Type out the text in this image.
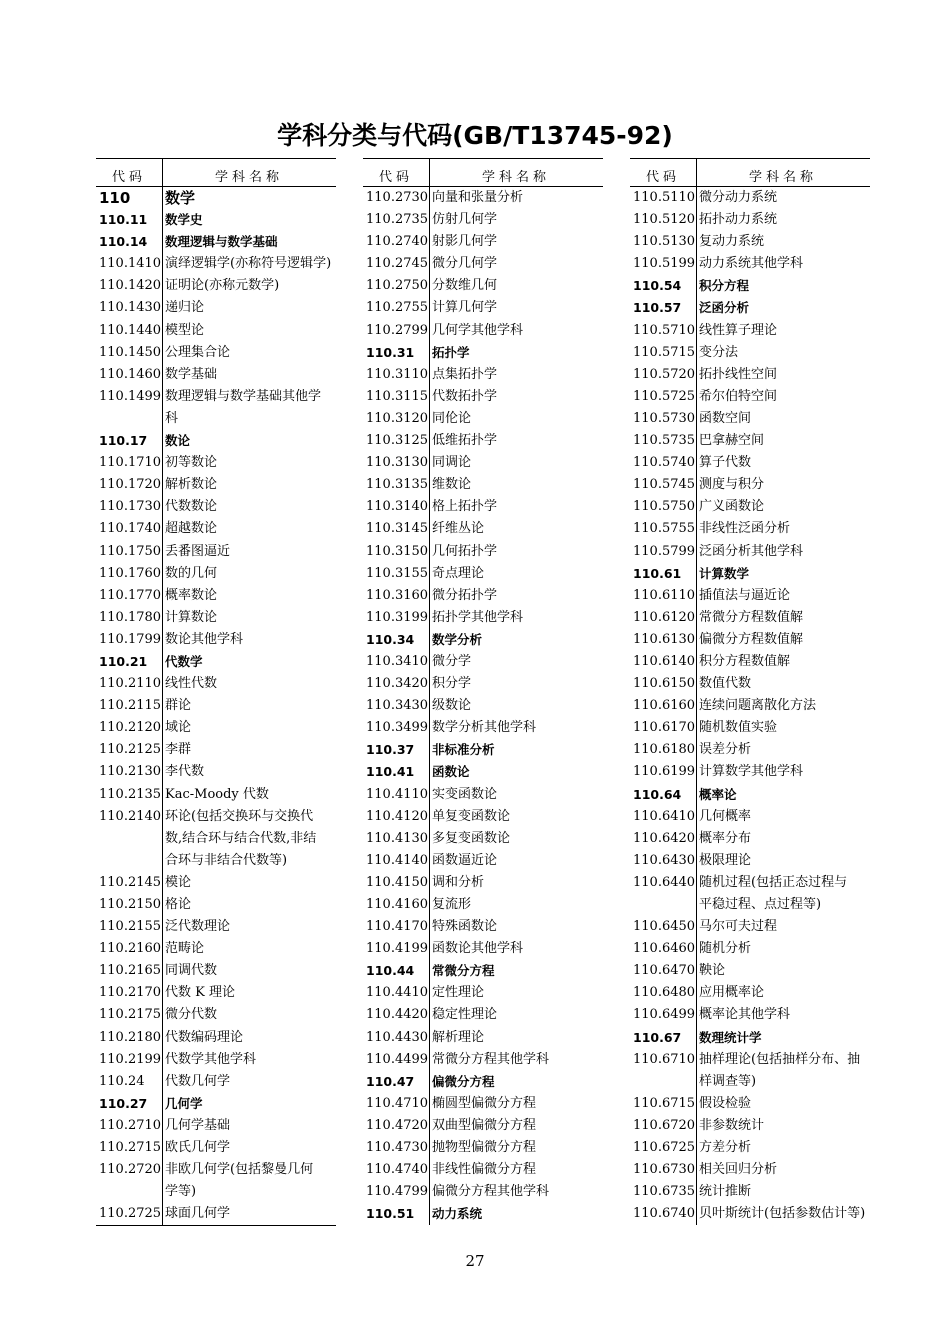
学科分类与代码(GB/T13745-92)
代码	学科名称
110	数学
110.11	数学史
110.14	数理逻辑与数学基础
110.1410 演绎逻辑学(亦称符号逻辑学)
110.1420 证明论(亦称元数学)
110.1430 递归论
110.1440 模型论
110.1450 公理集合论
110.1460 数学基础
110.1499 数理逻辑与数学基础其他学
科
110.17	数论
110.1710 初等数论
110.1720 解析数论
110.1730 代数数论
110.1740 超越数论
110.1750 丢番图逼近
110.1760 数的几何
110.1770 概率数论
110.1780 计算数论
110.1799 数论其他学科
110.21	代数学
110.2110 线性代数
110.2115 群论
110.2120 域论
110.2125 李群
110.2130 李代数
110.2135 Kac-Moody 代数
110.2140 环论(包括交换环与交换代
数,结合环与结合代数,非结
合环与非结合代数等)
110.2145 模论
110.2150 格论
110.2155 泛代数理论
110.2160 范畴论
110.2165 同调代数
110.2170 代数 K 理论
110.2175 微分代数
110.2180 代数编码理论
110.2199 代数学其他学科
110.24	代数几何学
110.27	几何学
110.2710 几何学基础
110.2715 欧氏几何学
110.2720 非欧几何学(包括黎曼几何
学等)
110.2725 球面几何学
代码	学科名称
110.2730 向量和张量分析
110.2735 仿射几何学
110.2740 射影几何学
110.2745 微分几何学
110.2750 分数维几何
110.2755 计算几何学
110.2799 几何学其他学科
110.31	拓扑学
110.3110 点集拓扑学
110.3115 代数拓扑学
110.3120 同伦论
110.3125 低维拓扑学
110.3130 同调论
110.3135 维数论
110.3140 格上拓扑学
110.3145 纤维丛论
110.3150 几何拓扑学
110.3155 奇点理论
110.3160 微分拓扑学
110.3199 拓扑学其他学科
110.34	数学分析
110.3410 微分学
110.3420 积分学
110.3430 级数论
110.3499 数学分析其他学科
110.37	非标准分析
110.41	函数论
110.4110 实变函数论
110.4120 单复变函数论
110.4130 多复变函数论
110.4140 函数逼近论
110.4150 调和分析
110.4160 复流形
110.4170 特殊函数论
110.4199 函数论其他学科
110.44	常微分方程
110.4410 定性理论
110.4420 稳定性理论
110.4430 解析理论
110.4499 常微分方程其他学科
110.47	偏微分方程
110.4710 椭圆型偏微分方程
110.4720 双曲型偏微分方程
110.4730 抛物型偏微分方程
110.4740 非线性偏微分方程
110.4799 偏微分方程其他学科
110.51	动力系统
代码	学科名称
110.5110 微分动力系统
110.5120 拓扑动力系统
110.5130 复动力系统
110.5199 动力系统其他学科
110.54	积分方程
110.57	泛函分析
110.5710 线性算子理论
110.5715 变分法
110.5720 拓扑线性空间
110.5725 希尔伯特空间
110.5730 函数空间
110.5735 巴拿赫空间
110.5740 算子代数
110.5745 测度与积分
110.5750 广义函数论
110.5755 非线性泛函分析
110.5799 泛函分析其他学科
110.61	计算数学
110.6110 插值法与逼近论
110.6120 常微分方程数值解
110.6130 偏微分方程数值解
110.6140 积分方程数值解
110.6150 数值代数
110.6160 连续问题离散化方法
110.6170 随机数值实验
110.6180 误差分析
110.6199 计算数学其他学科
110.64	概率论
110.6410 几何概率
110.6420 概率分布
110.6430 极限理论
110.6440 随机过程(包括正态过程与
平稳过程、点过程等)
110.6450 马尔可夫过程
110.6460 随机分析
110.6470 鞅论
110.6480 应用概率论
110.6499 概率论其他学科
110.67	数理统计学
110.6710 抽样理论(包括抽样分布、抽
样调查等)
110.6715 假设检验
110.6720 非参数统计
110.6725 方差分析
110.6730 相关回归分析
110.6735 统计推断
110.6740 贝叶斯统计(包括参数估计等)
27
